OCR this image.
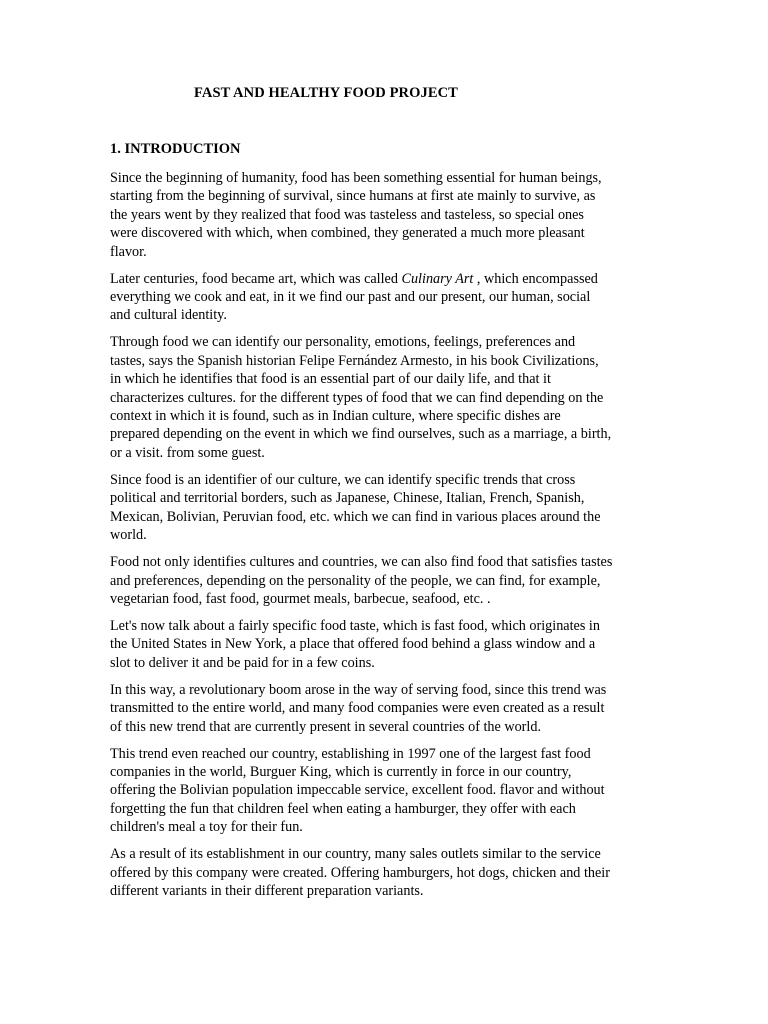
FAST AND HEALTHY FOOD PROJECT
1. INTRODUCTION

Since the beginning of humanity, food has been something essential for human beings,
starting from the beginning of survival, since humans at first ate mainly to survive, as
the years went by they realized that food was tasteless and tasteless, so special ones
were discovered with which, when combined, they generated a much more pleasant
flavor.

Later centuries, food became art, which was called Culinary Art , which encompassed
everything we cook and eat, in it we find our past and our present, our human, social
and cultural identity.

Through food we can identify our personality, emotions, feelings, preferences and
tastes, says the Spanish historian Felipe Fernández Armesto, in his book Civilizations,
in which he identifies that food is an essential part of our daily life, and that it
characterizes cultures. for the different types of food that we can find depending on the
context in which it is found, such as in Indian culture, where specific dishes are
prepared depending on the event in which we find ourselves, such as a marriage, a birth,
or a visit. from some guest.

Since food is an identifier of our culture, we can identify specific trends that cross
political and territorial borders, such as Japanese, Chinese, Italian, French, Spanish,
Mexican, Bolivian, Peruvian food, etc. which we can find in various places around the
world.

Food not only identifies cultures and countries, we can also find food that satisfies tastes
and preferences, depending on the personality of the people, we can find, for example,
vegetarian food, fast food, gourmet meals, barbecue, seafood, etc. .

Let's now talk about a fairly specific food taste, which is fast food, which originates in
the United States in New York, a place that offered food behind a glass window and a
slot to deliver it and be paid for in a few coins.

In this way, a revolutionary boom arose in the way of serving food, since this trend was
transmitted to the entire world, and many food companies were even created as a result
of this new trend that are currently present in several countries of the world.

This trend even reached our country, establishing in 1997 one of the largest fast food
companies in the world, Burguer King, which is currently in force in our country,
offering the Bolivian population impeccable service, excellent food. flavor and without
forgetting the fun that children feel when eating a hamburger, they offer with each
children's meal a toy for their fun.

As a result of its establishment in our country, many sales outlets similar to the service
offered by this company were created. Offering hamburgers, hot dogs, chicken and their
different variants in their different preparation variants.
